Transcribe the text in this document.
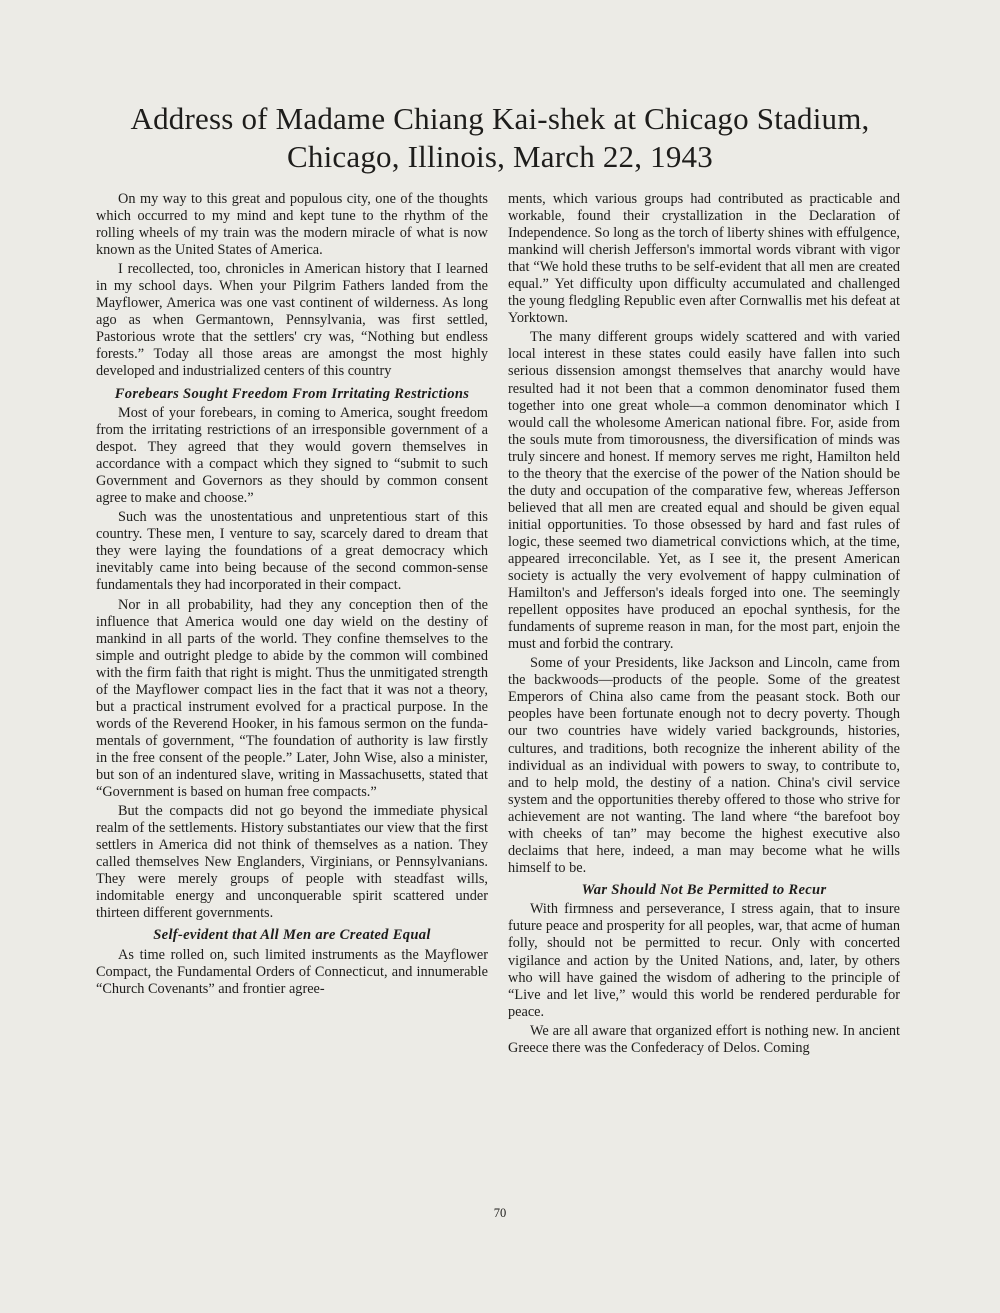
Address of Madame Chiang Kai-shek at Chicago Stadium,
Chicago, Illinois, March 22, 1943

On my way to this great and populous city, one of the thoughts which occurred to my mind and kept tune to the rhythm of the rolling wheels of my train was the modern miracle of what is now known as the United States of America.

I recollected, too, chronicles in American history that I learned in my school days. When your Pilgrim Fathers landed from the Mayflower, America was one vast continent of wilderness. As long ago as when Germantown, Pennsylvania, was first settled, Pastorious wrote that the settlers' cry was, “Nothing but endless forests.” Today all those areas are amongst the most highly developed and industrialized centers of this country

Forebears Sought Freedom From Irritating Restrictions

Most of your forebears, in coming to America, sought freedom from the irritating restrictions of an irresponsible government of a despot. They agreed that they would govern themselves in accordance with a compact which they signed to “submit to such Government and Governors as they should by common consent agree to make and choose.”

Such was the unostentatious and unpretentious start of this country. These men, I venture to say, scarcely dared to dream that they were laying the foundations of a great democracy which inevitably came into being because of the second common-sense fundamentals they had incorporated in their compact.

Nor in all probability, had they any conception then of the influence that America would one day wield on the destiny of mankind in all parts of the world. They confine themselves to the simple and outright pledge to abide by the common will combined with the firm faith that right is might. Thus the unmitigated strength of the Mayflower compact lies in the fact that it was not a theory, but a practical instrument evolved for a practical purpose. In the words of the Reverend Hooker, in his famous sermon on the fundamentals of government, “The foundation of authority is law firstly in the free consent of the people.” Later, John Wise, also a minister, but son of an indentured slave, writing in Massachusetts, stated that “Government is based on human free compacts.”

But the compacts did not go beyond the immediate physical realm of the settlements. History substantiates our view that the first settlers in America did not think of themselves as a nation. They called themselves New Englanders, Virginians, or Pennsylvanians. They were merely groups of people with steadfast wills, indomitable energy and unconquerable spirit scattered under thirteen different governments.

Self-evident that All Men are Created Equal

As time rolled on, such limited instruments as the Mayflower Compact, the Fundamental Orders of Connecticut, and innumerable “Church Covenants” and frontier agree-

ments, which various groups had contributed as practicable and workable, found their crystallization in the Declaration of Independence. So long as the torch of liberty shines with effulgence, mankind will cherish Jefferson's immortal words vibrant with vigor that “We hold these truths to be self-evident that all men are created equal.” Yet difficulty upon difficulty accumulated and challenged the young fledgling Republic even after Cornwallis met his defeat at Yorktown.

The many different groups widely scattered and with varied local interest in these states could easily have fallen into such serious dissension amongst themselves that anarchy would have resulted had it not been that a common denominator fused them together into one great whole—a common denominator which I would call the wholesome American national fibre. For, aside from the souls mute from timorousness, the diversification of minds was truly sincere and honest. If memory serves me right, Hamilton held to the theory that the exercise of the power of the Nation should be the duty and occupation of the comparative few, whereas Jefferson believed that all men are created equal and should be given equal initial opportunities. To those obsessed by hard and fast rules of logic, these seemed two diametrical convictions which, at the time, appeared irreconcilable. Yet, as I see it, the present American society is actually the very evolvement of happy culmination of Hamilton's and Jefferson's ideals forged into one. The seemingly repellent opposites have produced an epochal synthesis, for the fundaments of supreme reason in man, for the most part, enjoin the must and forbid the contrary.

Some of your Presidents, like Jackson and Lincoln, came from the backwoods—products of the people. Some of the greatest Emperors of China also came from the peasant stock. Both our peoples have been fortunate enough not to decry poverty. Though our two countries have widely varied backgrounds, histories, cultures, and traditions, both recognize the inherent ability of the individual as an individual with powers to sway, to contribute to, and to help mold, the destiny of a nation. China's civil service system and the opportunities thereby offered to those who strive for achievement are not wanting. The land where “the barefoot boy with cheeks of tan” may become the highest executive also declaims that here, indeed, a man may become what he wills himself to be.

War Should Not Be Permitted to Recur

With firmness and perseverance, I stress again, that to insure future peace and prosperity for all peoples, war, that acme of human folly, should not be permitted to recur. Only with concerted vigilance and action by the United Nations, and, later, by others who will have gained the wisdom of adhering to the principle of “Live and let live,” would this world be rendered perdurable for peace.

We are all aware that organized effort is nothing new. In ancient Greece there was the Confederacy of Delos. Coming

70
